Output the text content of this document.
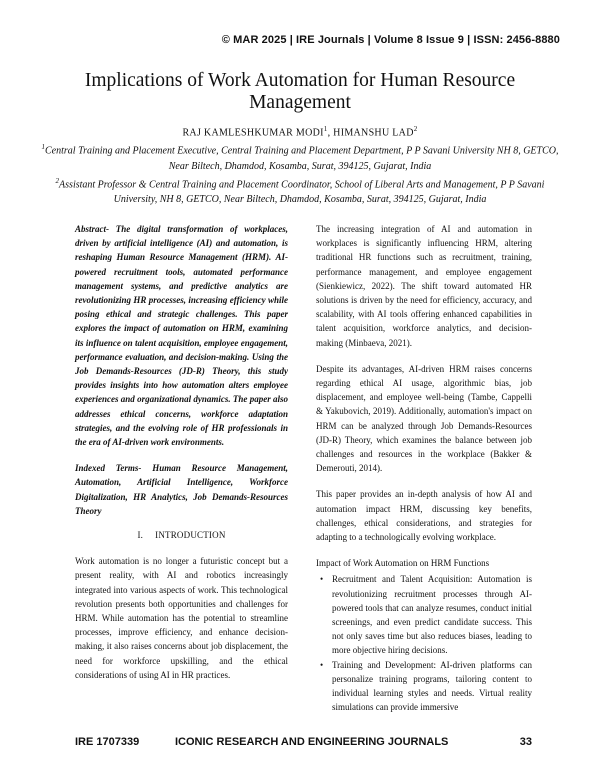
© MAR 2025 | IRE Journals | Volume 8 Issue 9 | ISSN: 2456-8880
Implications of Work Automation for Human Resource Management
RAJ KAMLESHKUMAR MODI$^1$, HIMANSHU LAD$^2$
$^1$Central Training and Placement Executive, Central Training and Placement Department, P P Savani University NH 8, GETCO, Near Biltech, Dhamdod, Kosamba, Surat, 394125, Gujarat, India
$^2$Assistant Professor & Central Training and Placement Coordinator, School of Liberal Arts and Management, P P Savani University, NH 8, GETCO, Near Biltech, Dhamdod, Kosamba, Surat, 394125, Gujarat, India
Abstract- The digital transformation of workplaces, driven by artificial intelligence (AI) and automation, is reshaping Human Resource Management (HRM). AI-powered recruitment tools, automated performance management systems, and predictive analytics are revolutionizing HR processes, increasing efficiency while posing ethical and strategic challenges. This paper explores the impact of automation on HRM, examining its influence on talent acquisition, employee engagement, performance evaluation, and decision-making. Using the Job Demands-Resources (JD-R) Theory, this study provides insights into how automation alters employee experiences and organizational dynamics. The paper also addresses ethical concerns, workforce adaptation strategies, and the evolving role of HR professionals in the era of AI-driven work environments.
Indexed Terms- Human Resource Management, Automation, Artificial Intelligence, Workforce Digitalization, HR Analytics, Job Demands-Resources Theory
I. INTRODUCTION

Work automation is no longer a futuristic concept but a present reality, with AI and robotics increasingly integrated into various aspects of work. This technological revolution presents both opportunities and challenges for HRM. While automation has the potential to streamline processes, improve efficiency, and enhance decision-making, it also raises concerns about job displacement, the need for workforce upskilling, and the ethical considerations of using AI in HR practices.

The increasing integration of AI and automation in workplaces is significantly influencing HRM, altering traditional HR functions such as recruitment, training, performance management, and employee engagement (Sienkiewicz, 2022). The shift toward automated HR solutions is driven by the need for efficiency, accuracy, and scalability, with AI tools offering enhanced capabilities in talent acquisition, workforce analytics, and decision-making (Minbaeva, 2021).

Despite its advantages, AI-driven HRM raises concerns regarding ethical AI usage, algorithmic bias, job displacement, and employee well-being (Tambe, Cappelli & Yakubovich, 2019). Additionally, automation's impact on HRM can be analyzed through Job Demands-Resources (JD-R) Theory, which examines the balance between job challenges and resources in the workplace (Bakker & Demerouti, 2014).

This paper provides an in-depth analysis of how AI and automation impact HRM, discussing key benefits, challenges, ethical considerations, and strategies for adapting to a technologically evolving workplace.

Impact of Work Automation on HRM Functions
• Recruitment and Talent Acquisition: Automation is revolutionizing recruitment processes through AI-powered tools that can analyze resumes, conduct initial screenings, and even predict candidate success. This not only saves time but also reduces biases, leading to more objective hiring decisions.
• Training and Development: AI-driven platforms can personalize training programs, tailoring content to individual learning styles and needs. Virtual reality simulations can provide immersive
IRE 1707339	ICONIC RESEARCH AND ENGINEERING JOURNALS	33
